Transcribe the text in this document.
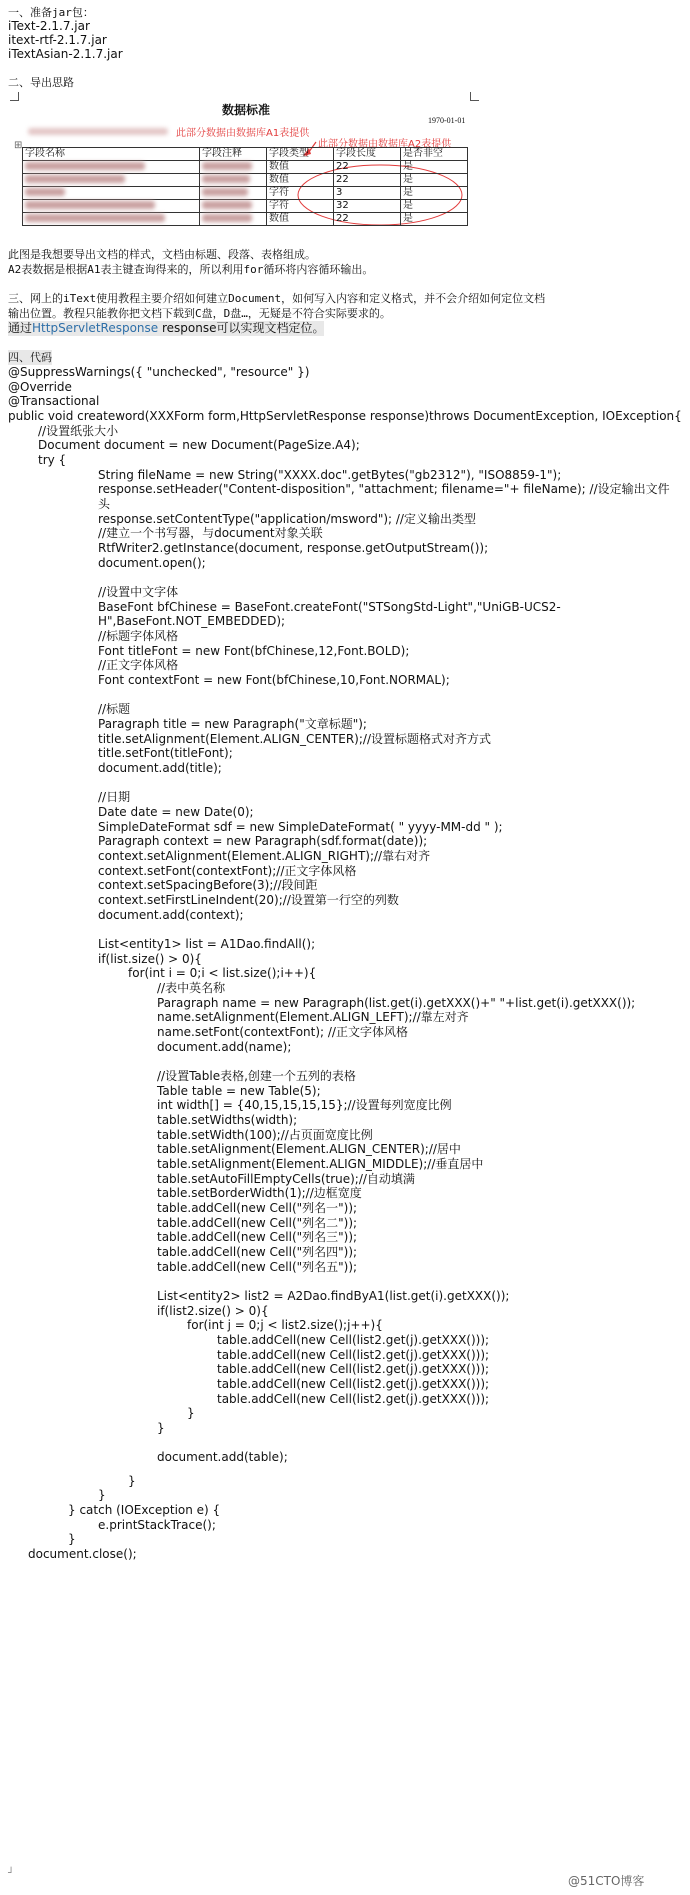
一、准备jar包：
iText-2.1.7.jar
itext-rtf-2.1.7.jar
iTextAsian-2.1.7.jar
二、导出思路
数据标准
1970-01-01
此部分数据由数据库A1表提供
此部分数据由数据库A2表提供
⊞
字段名称	字段注释	字段类型	字段长度	是否非空
		数值	22	是
		数值	22	是
		字符	3	是
		字符	32	是
		数值	22	是
此图是我想要导出文档的样式，文档由标题、段落、表格组成。
A2表数据是根据A1表主键查询得来的，所以利用for循环将内容循环输出。
三、网上的iText使用教程主要介绍如何建立Document，如何写入内容和定义格式，并不会介绍如何定位文档
输出位置。教程只能教你把文档下载到C盘，D盘…，无疑是不符合实际要求的。
通过HttpServletResponse response可以实现文档定位。
四、代码
@SuppressWarnings({ "unchecked", "resource" })
@Override
@Transactional
public void createword(XXXForm form,HttpServletResponse response)throws DocumentException, IOException{
//设置纸张大小
Document document = new Document(PageSize.A4);
try {
String fileName = new String("XXXX.doc".getBytes("gb2312"), "ISO8859-1");
response.setHeader("Content-disposition", "attachment; filename="+ fileName); //设定输出文件
头
response.setContentType("application/msword"); //定义输出类型
//建立一个书写器，与document对象关联
RtfWriter2.getInstance(document, response.getOutputStream());
document.open();
//设置中文字体
BaseFont bfChinese = BaseFont.createFont("STSongStd-Light","UniGB-UCS2-
H",BaseFont.NOT_EMBEDDED);
//标题字体风格
Font titleFont = new Font(bfChinese,12,Font.BOLD);
//正文字体风格
Font contextFont = new Font(bfChinese,10,Font.NORMAL);
//标题
Paragraph title = new Paragraph("文章标题");
title.setAlignment(Element.ALIGN_CENTER);//设置标题格式对齐方式
title.setFont(titleFont);
document.add(title);
//日期
Date date = new Date(0);
SimpleDateFormat sdf = new SimpleDateFormat( " yyyy-MM-dd " );
Paragraph context = new Paragraph(sdf.format(date));
context.setAlignment(Element.ALIGN_RIGHT);//靠右对齐
context.setFont(contextFont);//正文字体风格
context.setSpacingBefore(3);//段间距
context.setFirstLineIndent(20);//设置第一行空的列数
document.add(context);
List<entity1> list = A1Dao.findAll();
if(list.size() > 0){
for(int i = 0;i < list.size();i++){
//表中英名称
Paragraph name = new Paragraph(list.get(i).getXXX()+" "+list.get(i).getXXX());
name.setAlignment(Element.ALIGN_LEFT);//靠左对齐
name.setFont(contextFont); //正文字体风格
document.add(name);
//设置Table表格,创建一个五列的表格
Table table = new Table(5);
int width[] = {40,15,15,15,15};//设置每列宽度比例
table.setWidths(width);
table.setWidth(100);//占页面宽度比例
table.setAlignment(Element.ALIGN_CENTER);//居中
table.setAlignment(Element.ALIGN_MIDDLE);//垂直居中
table.setAutoFillEmptyCells(true);//自动填满
table.setBorderWidth(1);//边框宽度
table.addCell(new Cell("列名一"));
table.addCell(new Cell("列名二"));
table.addCell(new Cell("列名三"));
table.addCell(new Cell("列名四"));
table.addCell(new Cell("列名五"));
List<entity2> list2 = A2Dao.findByA1(list.get(i).getXXX());
if(list2.size() > 0){
for(int j = 0;j < list2.size();j++){
table.addCell(new Cell(list2.get(j).getXXX()));
table.addCell(new Cell(list2.get(j).getXXX()));
table.addCell(new Cell(list2.get(j).getXXX()));
table.addCell(new Cell(list2.get(j).getXXX()));
table.addCell(new Cell(list2.get(j).getXXX()));
}
}
document.add(table);
}
}
} catch (IOException e) {
e.printStackTrace();
}
document.close();
┘
@51CTO博客
